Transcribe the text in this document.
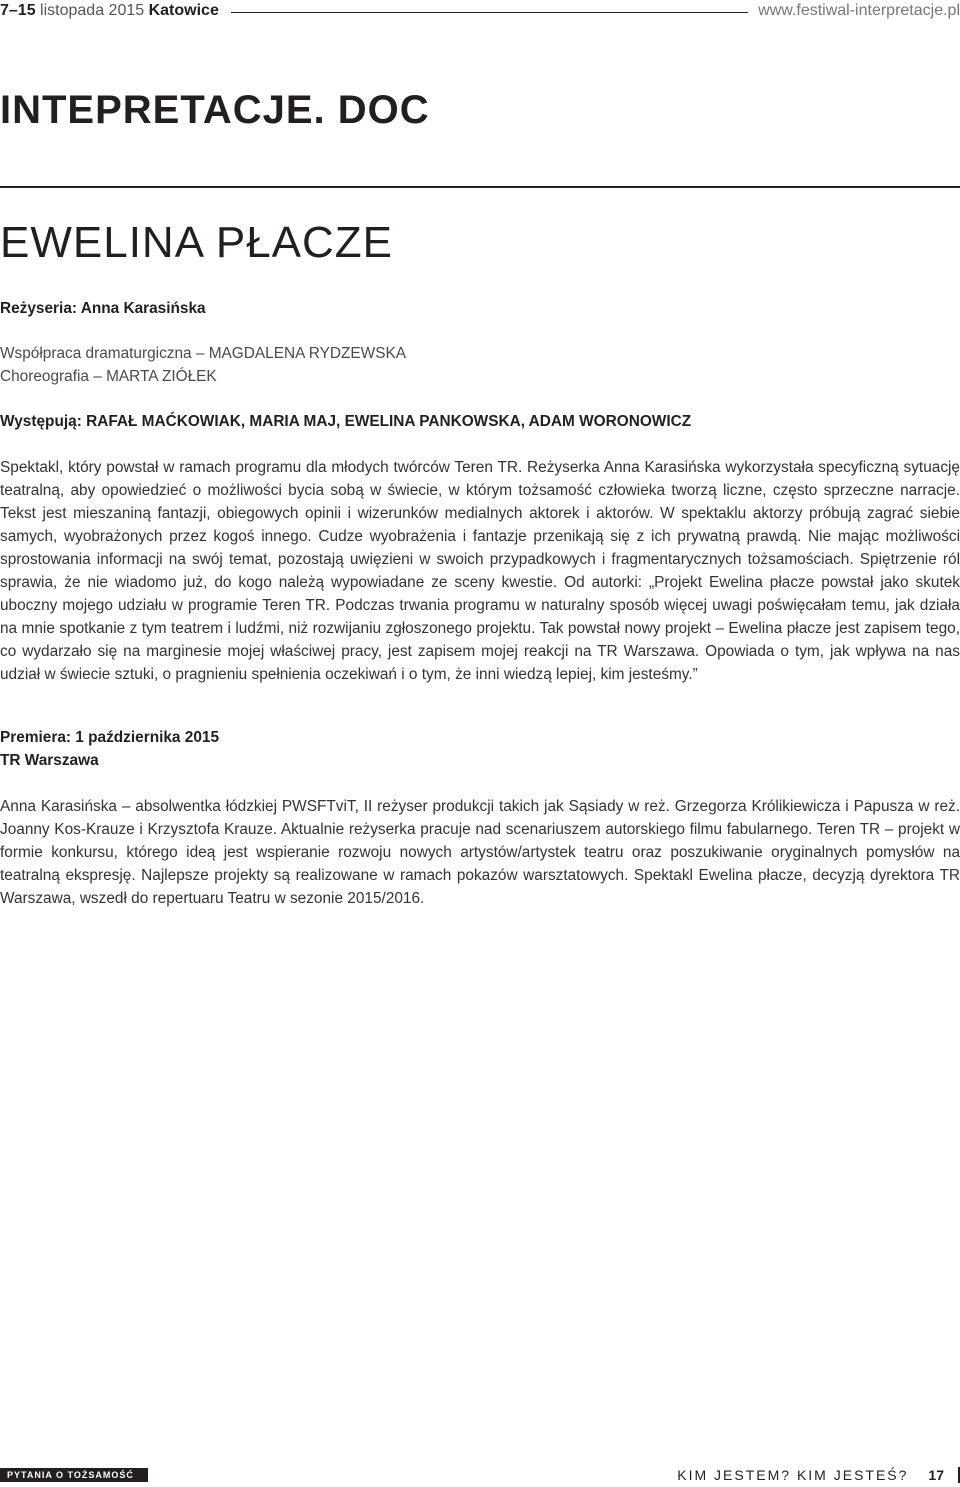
7–15 listopada 2015 Katowice	www.festiwal-interpretacje.pl
INTEPRETACJE. DOC
EWELINA PŁACZE
Reżyseria: Anna Karasińska
Współpraca dramaturgiczna – MAGDALENA RYDZEWSKA
Choreografia – MARTA ZIÓŁEK
Występują: RAFAŁ MAĆKOWIAK, MARIA MAJ, EWELINA PANKOWSKA, ADAM WORONOWICZ
Spektakl, który powstał w ramach programu dla młodych twórców Teren TR. Reżyserka Anna Karasińska wykorzystała specyficzną sytuację teatralną, aby opowiedzieć o możliwości bycia sobą w świecie, w którym tożsamość człowieka tworzą liczne, często sprzeczne narracje. Tekst jest mieszaniną fantazji, obiegowych opinii i wizerunków medialnych aktorek i aktorów. W spektaklu aktorzy próbują zagrać siebie samych, wyobrażonych przez kogoś innego. Cudze wyobrażenia i fantazje przenikają się z ich prywatną prawdą. Nie mając możliwości sprostowania informacji na swój temat, pozostają uwięzieni w swoich przypadkowych i fragmentarycznych tożsamościach. Spiętrzenie ról sprawia, że nie wiadomo już, do kogo należą wypowiadane ze sceny kwestie. Od autorki: „Projekt Ewelina płacze powstał jako skutek uboczny mojego udziału w programie Teren TR. Podczas trwania programu w naturalny sposób więcej uwagi poświęcałam temu, jak działa na mnie spotkanie z tym teatrem i ludźmi, niż rozwijaniu zgłoszonego projektu. Tak powstał nowy projekt – Ewelina płacze jest zapisem tego, co wydarzało się na marginesie mojej właściwej pracy, jest zapisem mojej reakcji na TR Warszawa. Opowiada o tym, jak wpływa na nas udział w świecie sztuki, o pragnieniu spełnienia oczekiwań i o tym, że inni wiedzą lepiej, kim jesteśmy.”
Premiera: 1 października 2015
TR Warszawa
Anna Karasińska – absolwentka łódzkiej PWSFTviT, II reżyser produkcji takich jak Sąsiady w reż. Grzegorza Królikiewicza i Papusza w reż. Joanny Kos-Krauze i Krzysztofa Krauze. Aktualnie reżyserka pracuje nad scenariuszem autorskiego filmu fabularnego. Teren TR – projekt w formie konkursu, którego ideą jest wspieranie rozwoju nowych artystów/artystek teatru oraz poszukiwanie oryginalnych pomysłów na teatralną ekspresję. Najlepsze projekty są realizowane w ramach pokazów warsztatowych. Spektakl Ewelina płacze, decyzją dyrektora TR Warszawa, wszedł do repertuaru Teatru w sezonie 2015/2016.
PYTANIA O TOŻSAMOŚĆ	KIM JESTEM? KIM JESTEŚ? 17
